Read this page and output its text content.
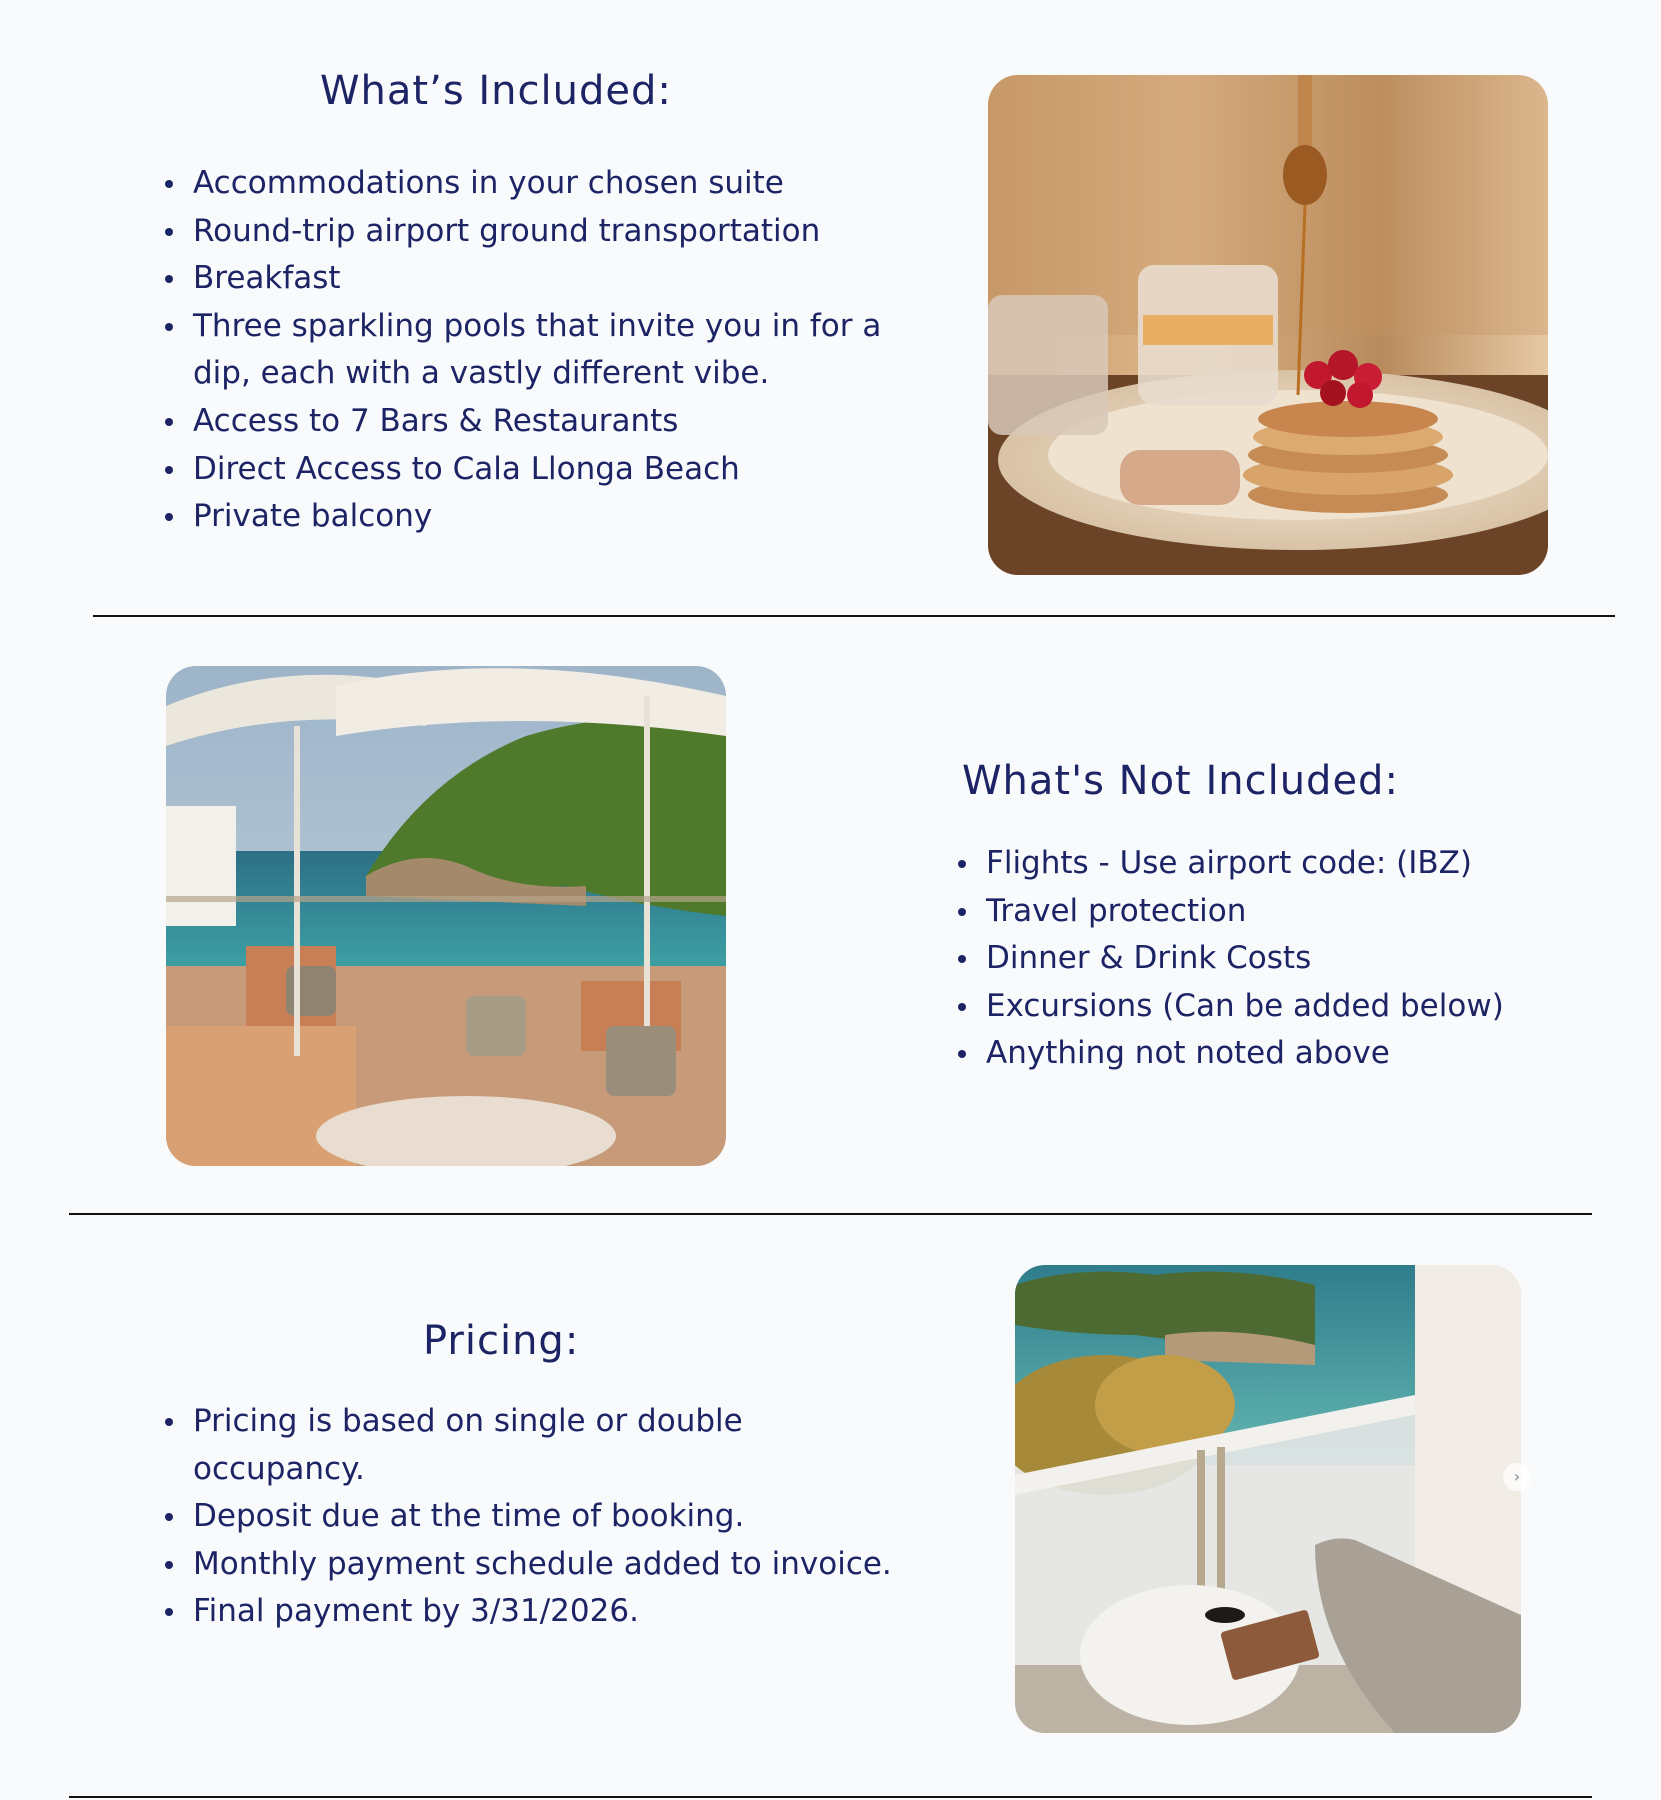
What’s Included:
Accommodations in your chosen suite
Round-trip airport ground transportation
Breakfast
Three sparkling pools that invite you in for a dip, each with a vastly different vibe.
Access to 7 Bars & Restaurants
Direct Access to Cala Llonga Beach
Private balcony
What's Not Included:
Flights - Use airport code: (IBZ)
Travel protection
Dinner & Drink Costs
Excursions (Can be added below)
Anything not noted above
Pricing:
Pricing is based on single or double occupancy.
Deposit due at the time of booking.
Monthly payment schedule added to invoice.
Final payment by 3/31/2026.
›
